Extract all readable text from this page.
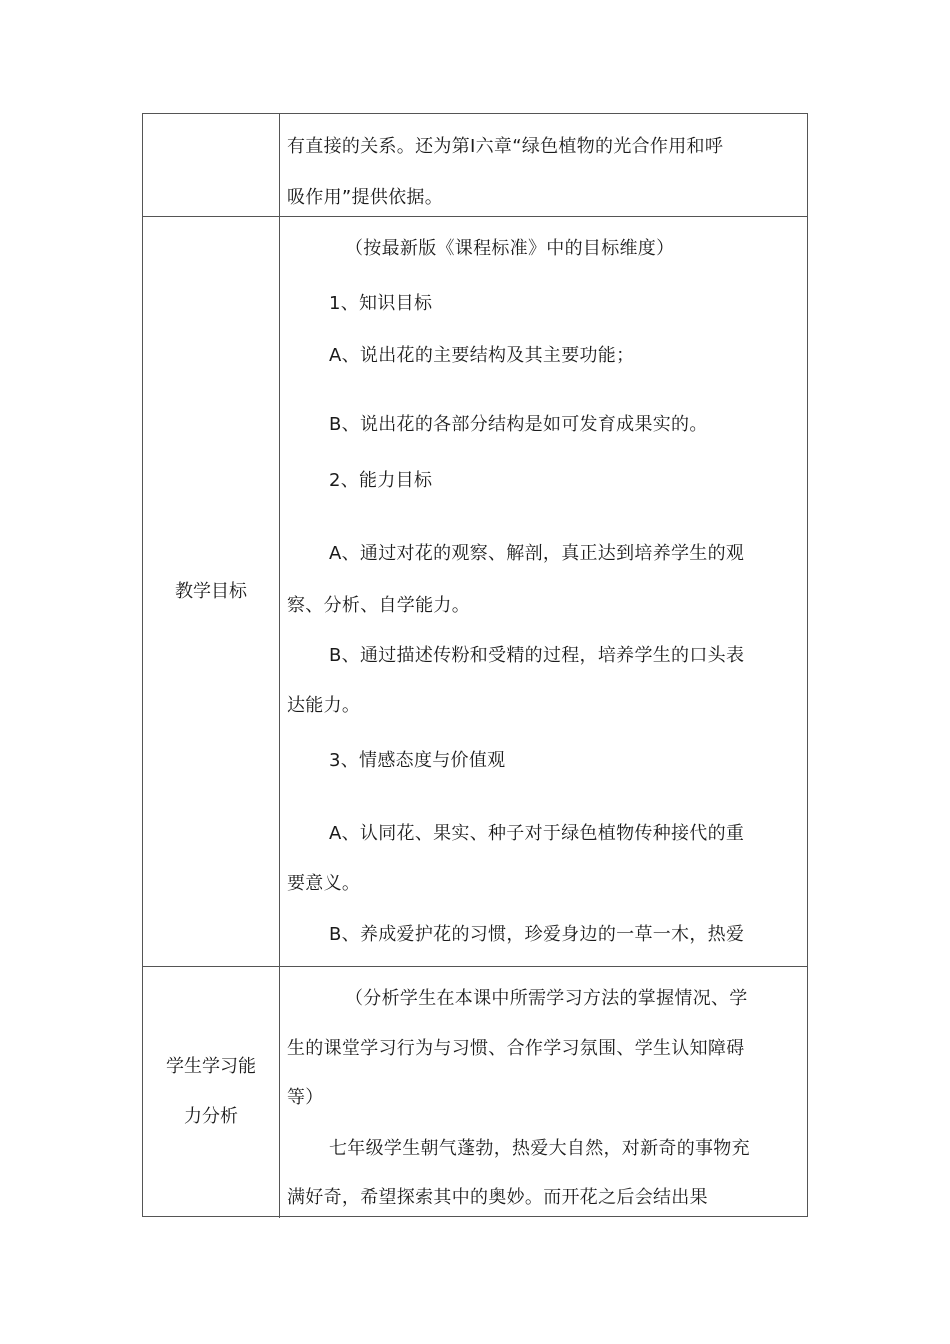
有直接的关系。还为第Ⅰ六章“绿色植物的光合作用和呼
吸作用”提供依据。
教学目标
（按最新版《课程标准》中的目标维度）
1、知识目标
A、说出花的主要结构及其主要功能；
B、说出花的各部分结构是如可发育成果实的。
2、能力目标
A、通过对花的观察、解剖，真正达到培养学生的观
察、分析、自学能力。
B、通过描述传粉和受精的过程，培养学生的口头表
达能力。
3、情感态度与价值观
A、认同花、果实、种子对于绿色植物传种接代的重
要意义。
B、养成爱护花的习惯，珍爱身边的一草一木，热爱
学生学习能
力分析
（分析学生在本课中所需学习方法的掌握情况、学
生的课堂学习行为与习惯、合作学习氛围、学生认知障碍
等）
七年级学生朝气蓬勃，热爱大自然，对新奇的事物充
满好奇，希望探索其中的奥妙。而开花之后会结出果
